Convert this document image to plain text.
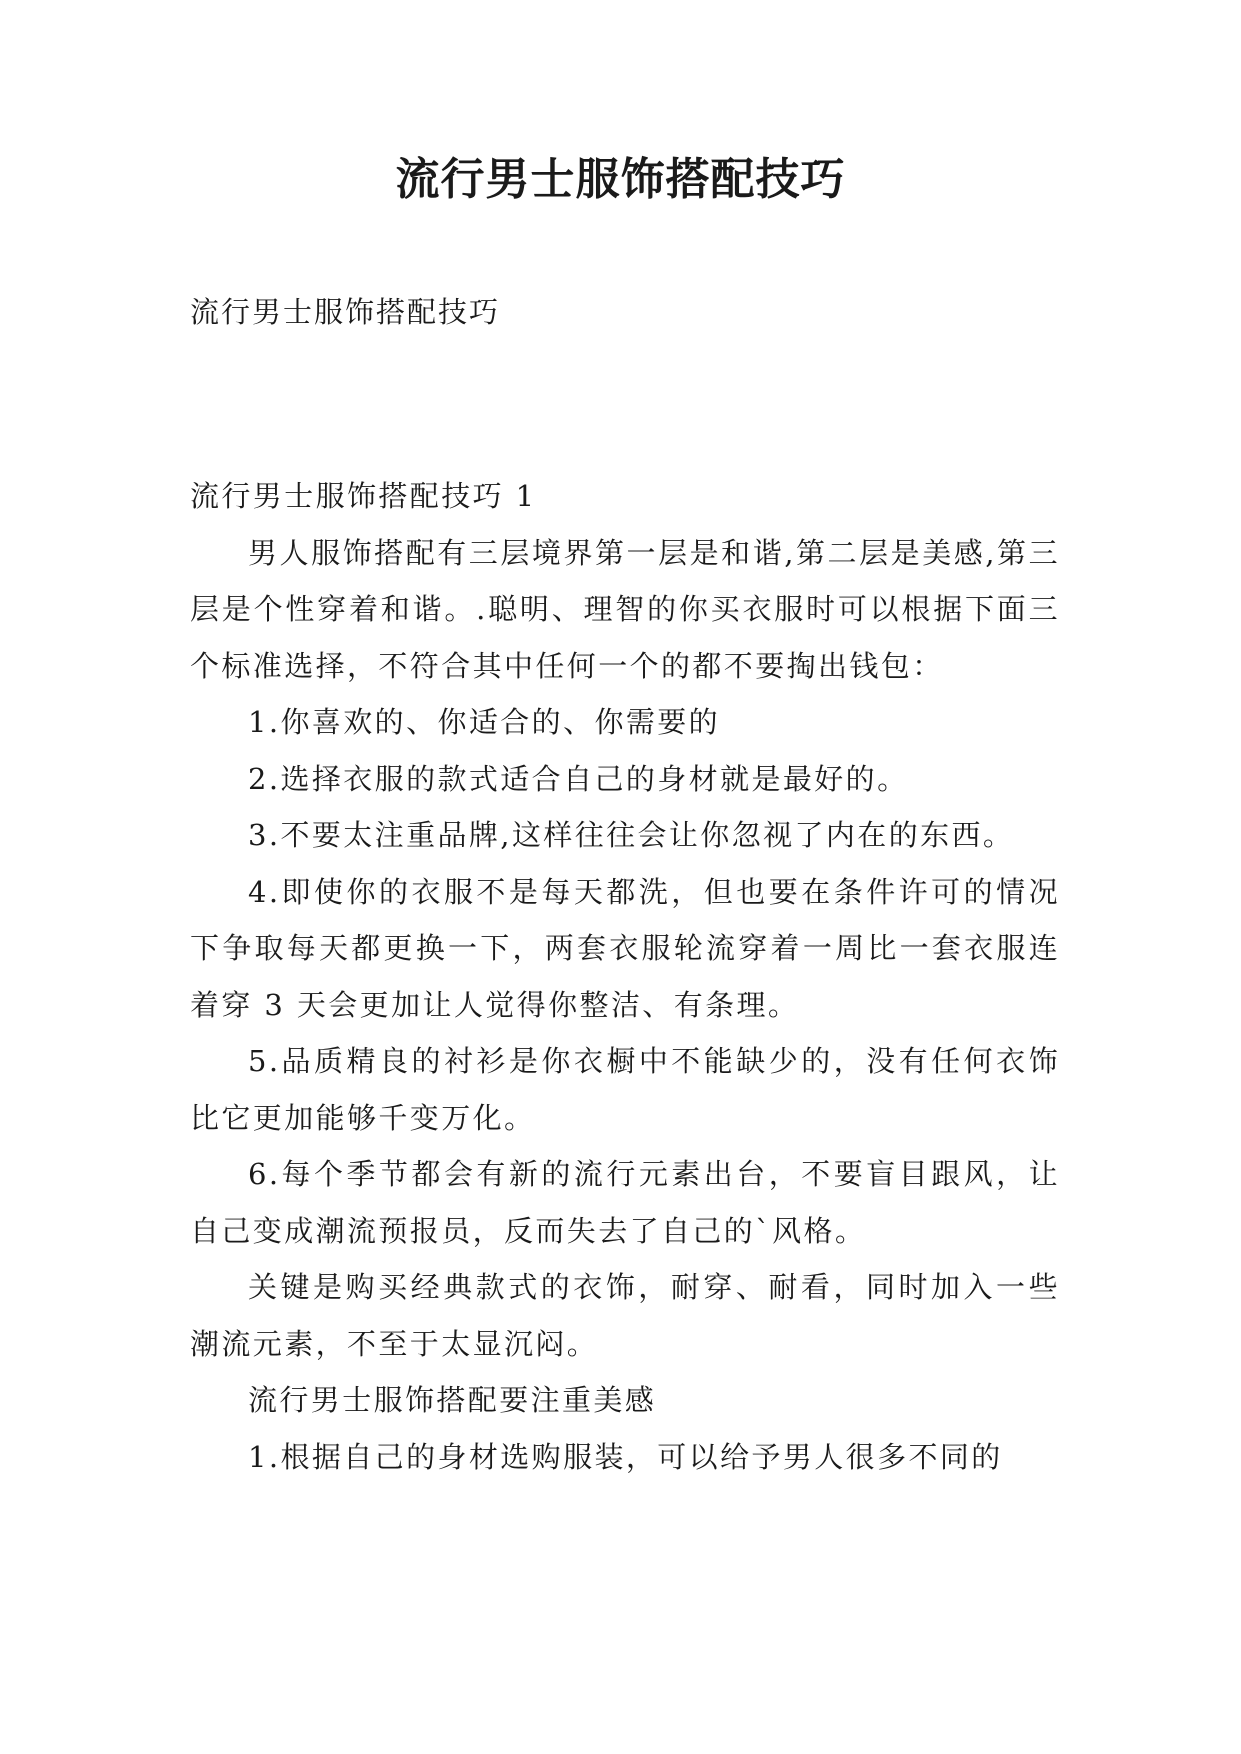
流行男士服饰搭配技巧

流行男士服饰搭配技巧

流行男士服饰搭配技巧 1

男人服饰搭配有三层境界第一层是和谐,第二层是美感,第三层是个性穿着和谐。.聪明、理智的你买衣服时可以根据下面三个标准选择，不符合其中任何一个的都不要掏出钱包：

1.你喜欢的、你适合的、你需要的

2.选择衣服的款式适合自己的身材就是最好的。

3.不要太注重品牌,这样往往会让你忽视了内在的东西。

4.即使你的衣服不是每天都洗，但也要在条件许可的情况下争取每天都更换一下，两套衣服轮流穿着一周比一套衣服连着穿 3 天会更加让人觉得你整洁、有条理。

5.品质精良的衬衫是你衣橱中不能缺少的，没有任何衣饰比它更加能够千变万化。

6.每个季节都会有新的流行元素出台，不要盲目跟风，让自己变成潮流预报员，反而失去了自己的`风格。

关键是购买经典款式的衣饰，耐穿、耐看，同时加入一些潮流元素，不至于太显沉闷。

流行男士服饰搭配要注重美感

1.根据自己的身材选购服装，可以给予男人很多不同的
